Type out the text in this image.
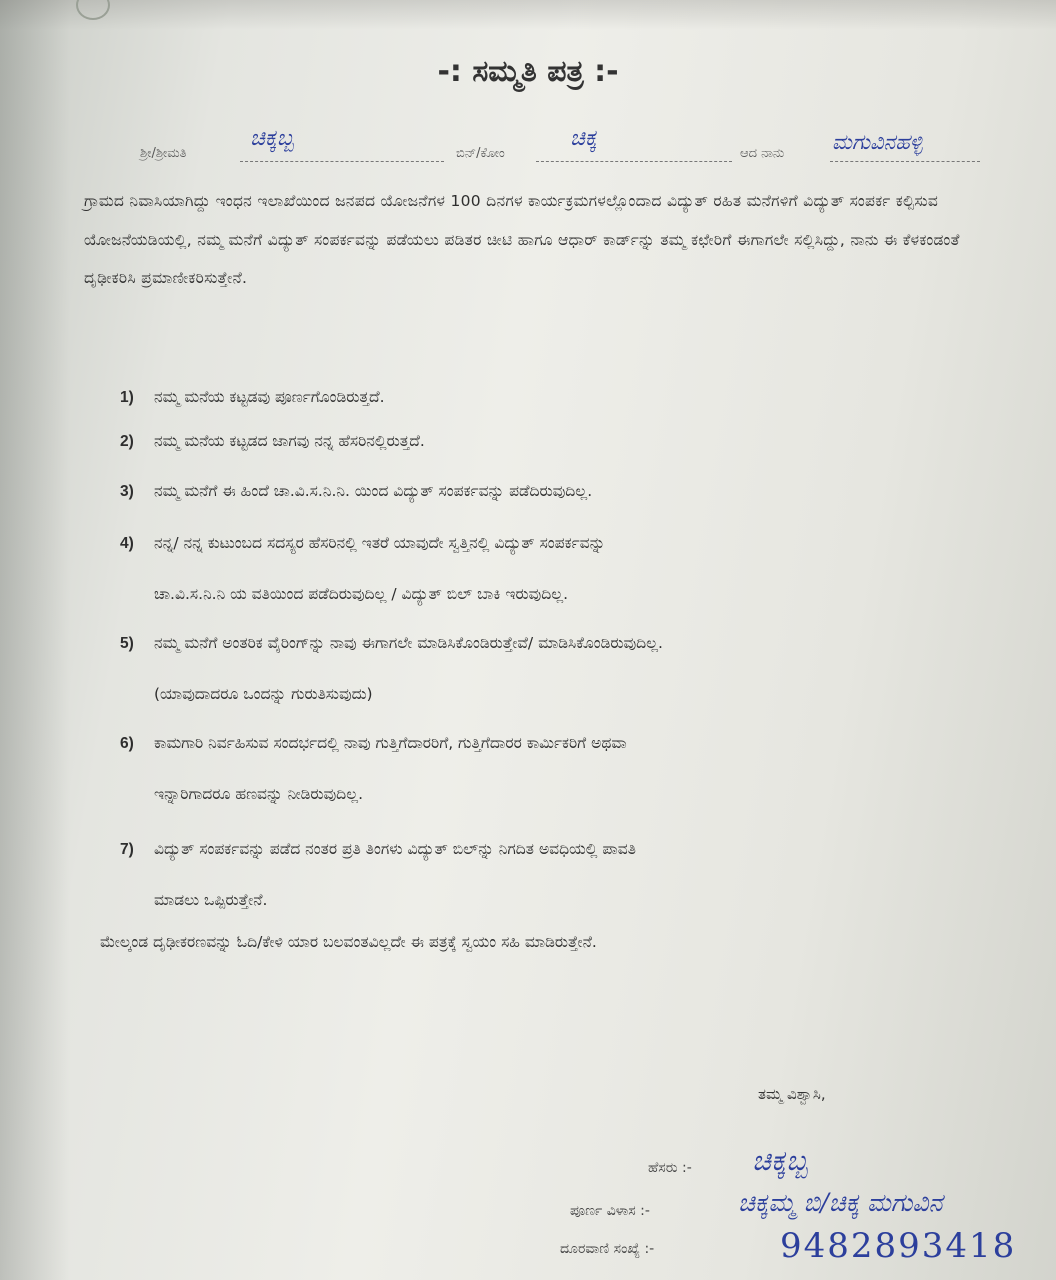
-: ಸಮ್ಮತಿ ಪತ್ರ :-
ಶ್ರೀ/ಶ್ರೀಮತಿ
ಚಿಕ್ಕಬ್ಬ
ಬಿನ್/ಕೋಂ
ಚಿಕ್ಕ
ಆದ ನಾನು ಮಗುವಿನಹಳ್ಳಿ
ಗ್ರಾಮದ ನಿವಾಸಿಯಾಗಿದ್ದು ಇಂಧನ ಇಲಾಖೆಯಿಂದ ಜನಪದ ಯೋಜನೆಗಳ 100 ದಿನಗಳ ಕಾರ್ಯಕ್ರಮಗಳಲ್ಲೊಂದಾದ ವಿದ್ಯುತ್ ರಹಿತ ಮನೆಗಳಿಗೆ ವಿದ್ಯುತ್ ಸಂಪರ್ಕ ಕಲ್ಪಿಸುವ ಯೋಜನೆಯಡಿಯಲ್ಲಿ, ನಮ್ಮ ಮನೆಗೆ ವಿದ್ಯುತ್ ಸಂಪರ್ಕವನ್ನು ಪಡೆಯಲು ಪಡಿತರ ಚೀಟಿ ಹಾಗೂ ಆಧಾರ್ ಕಾರ್ಡ್‌ನ್ನು ತಮ್ಮ ಕಛೇರಿಗೆ ಈಗಾಗಲೇ ಸಲ್ಲಿಸಿದ್ದು, ನಾನು ಈ ಕೆಳಕಂಡಂತೆ ದೃಢೀಕರಿಸಿ ಪ್ರಮಾಣೀಕರಿಸುತ್ತೇನೆ.
1) ನಮ್ಮ ಮನೆಯ ಕಟ್ಟಡವು ಪೂರ್ಣಗೊಂಡಿರುತ್ತದೆ.
2) ನಮ್ಮ ಮನೆಯ ಕಟ್ಟಡದ ಜಾಗವು ನನ್ನ ಹೆಸರಿನಲ್ಲಿರುತ್ತದೆ.
3) ನಮ್ಮ ಮನೆಗೆ ಈ ಹಿಂದೆ ಚಾ.ವಿ.ಸ.ನಿ.ನಿ. ಯಿಂದ ವಿದ್ಯುತ್ ಸಂಪರ್ಕವನ್ನು ಪಡೆದಿರುವುದಿಲ್ಲ.
4) ನನ್ನ/ ನನ್ನ ಕುಟುಂಬದ ಸದಸ್ಯರ ಹೆಸರಿನಲ್ಲಿ ಇತರೆ ಯಾವುದೇ ಸ್ವತ್ತಿನಲ್ಲಿ ವಿದ್ಯುತ್ ಸಂಪರ್ಕವನ್ನು
ಚಾ.ವಿ.ಸ.ನಿ.ನಿ ಯ ವತಿಯಿಂದ ಪಡೆದಿರುವುದಿಲ್ಲ / ವಿದ್ಯುತ್ ಬಿಲ್ ಬಾಕಿ ಇರುವುದಿಲ್ಲ.
5) ನಮ್ಮ ಮನೆಗೆ ಅಂತರಿಕ ವೈರಿಂಗ್‌ನ್ನು ನಾವು ಈಗಾಗಲೇ ಮಾಡಿಸಿಕೊಂಡಿರುತ್ತೇವೆ/ ಮಾಡಿಸಿಕೊಂಡಿರುವುದಿಲ್ಲ.
(ಯಾವುದಾದರೂ ಒಂದನ್ನು ಗುರುತಿಸುವುದು)
6) ಕಾಮಗಾರಿ ನಿರ್ವಹಿಸುವ ಸಂದರ್ಭದಲ್ಲಿ ನಾವು ಗುತ್ತಿಗೆದಾರರಿಗೆ, ಗುತ್ತಿಗೆದಾರರ ಕಾರ್ಮಿಕರಿಗೆ ಅಥವಾ
ಇನ್ನಾರಿಗಾದರೂ ಹಣವನ್ನು ನೀಡಿರುವುದಿಲ್ಲ.
7) ವಿದ್ಯುತ್ ಸಂಪರ್ಕವನ್ನು ಪಡೆದ ನಂತರ ಪ್ರತಿ ತಿಂಗಳು ವಿದ್ಯುತ್ ಬಿಲ್‌ನ್ನು ನಿಗದಿತ ಅವಧಿಯಲ್ಲಿ ಪಾವತಿ
ಮಾಡಲು ಒಪ್ಪಿರುತ್ತೇನೆ.
ಮೇಲ್ಕಂಡ ದೃಢೀಕರಣವನ್ನು ಓದಿ/ಕೇಳಿ ಯಾರ ಬಲವಂತವಿಲ್ಲದೇ ಈ ಪತ್ರಕ್ಕೆ ಸ್ವಯಂ ಸಹಿ ಮಾಡಿರುತ್ತೇನೆ.
ತಮ್ಮ ವಿಶ್ವಾಸಿ,
ಹೆಸರು :- ಚಿಕ್ಕಬ್ಬ
ಪೂರ್ಣ ವಿಳಾಸ :-	ಚಿಕ್ಕಮ್ಮ ಬಿ/ಚಿಕ್ಕ ಮಗುವಿನ
ದೂರವಾಣಿ ಸಂಖ್ಯೆ :-	9482893418
